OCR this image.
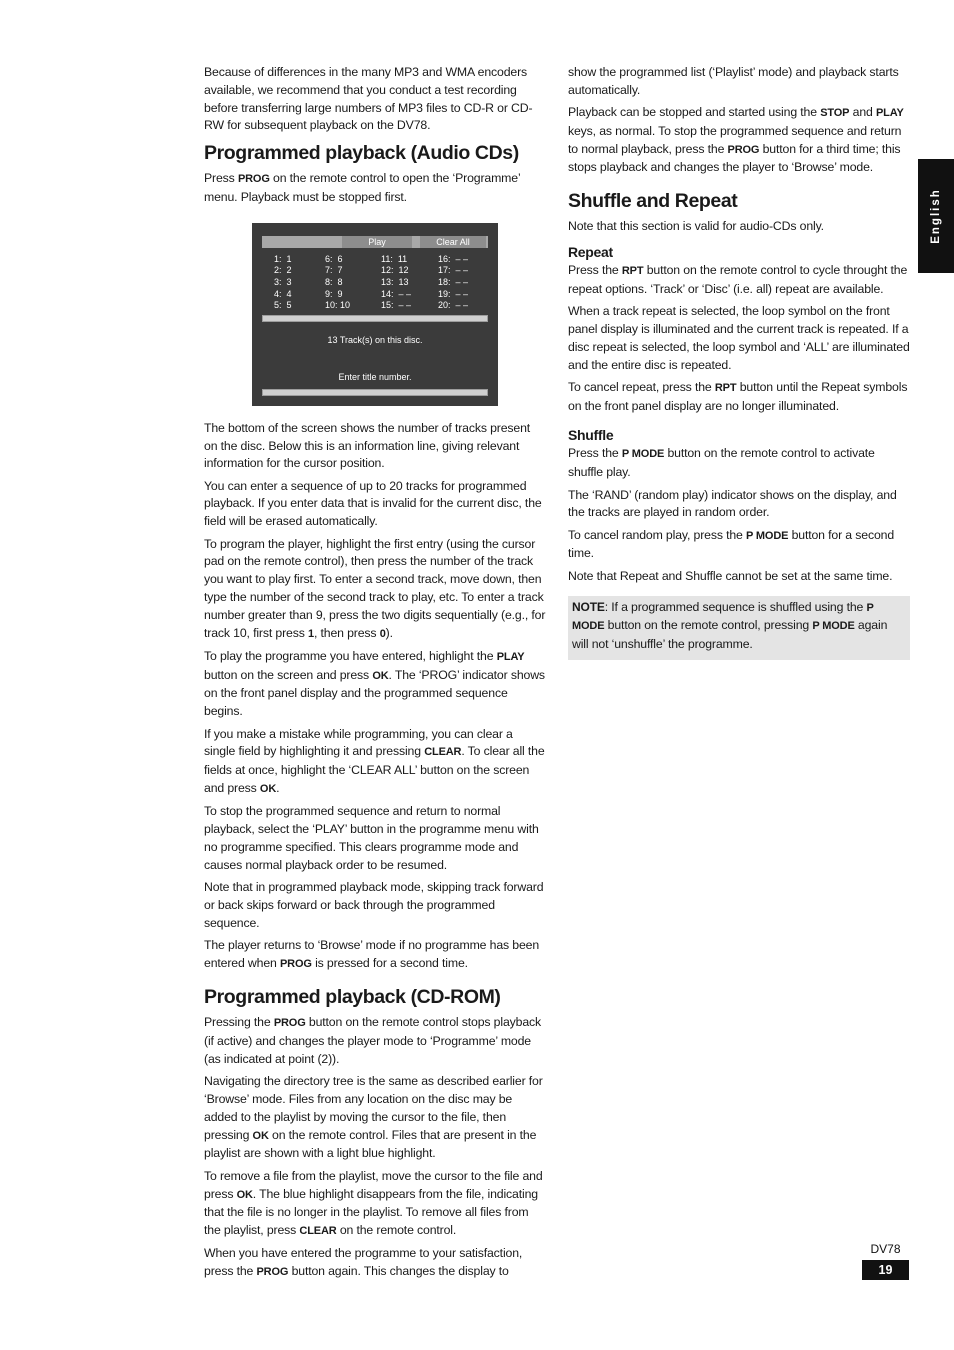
Because of differences in the many MP3 and WMA encoders available, we recommend that you conduct a test recording before transferring large numbers of MP3 files to CD-R or CD-RW for subsequent playback on the DV78.

Programmed playback (Audio CDs)

Press PROG on the remote control to open the ‘Programme’ menu. Playback must be stopped first.

Play	Clear All
1:  1
2:  2
3:  3
4:  4
5:  5
6:  6
7:  7
8:  8
9:  9
10: 10
11:  11
12:  12
13:  13
14:  – –
15:  – –
16:  – –
17:  – –
18:  – –
19:  – –
20:  – –
13 Track(s) on this disc.
Enter title number.

The bottom of the screen shows the number of tracks present on the disc. Below this is an information line, giving relevant information for the cursor position.

You can enter a sequence of up to 20 tracks for programmed playback. If you enter data that is invalid for the current disc, the field will be erased automatically.

To program the player, highlight the first entry (using the cursor pad on the remote control), then press the number of the track you want to play first. To enter a second track, move down, then type the number of the second track to play, etc. To enter a track number greater than 9, press the two digits sequentially (e.g., for track 10, first press 1, then press 0).

To play the programme you have entered, highlight the PLAY button on the screen and press OK. The ‘PROG’ indicator shows on the front panel display and the programmed sequence begins.

If you make a mistake while programming, you can clear a single field by highlighting it and pressing CLEAR. To clear all the fields at once, highlight the ‘CLEAR ALL’ button on the screen and press OK.

To stop the programmed sequence and return to normal playback, select the ‘PLAY’ button in the programme menu with no programme specified. This clears programme mode and causes normal playback order to be resumed.

Note that in programmed playback mode, skipping track forward or back skips forward or back through the programmed sequence.

The player returns to ‘Browse’ mode if no programme has been entered when PROG is pressed for a second time.

Programmed playback (CD-ROM)

Pressing the PROG button on the remote control stops playback (if active) and changes the player mode to ‘Programme’ mode (as indicated at point (2)).

Navigating the directory tree is the same as described earlier for ‘Browse’ mode. Files from any location on the disc may be added to the playlist by moving the cursor to the file, then pressing OK on the remote control. Files that are present in the playlist are shown with a light blue highlight.

To remove a file from the playlist, move the cursor to the file and press OK. The blue highlight disappears from the file, indicating that the file is no longer in the playlist. To remove all files from the playlist, press CLEAR on the remote control.

When you have entered the programme to your satisfaction, press the PROG button again. This changes the display to

show the programmed list (‘Playlist’ mode) and playback starts automatically.

Playback can be stopped and started using the STOP and PLAY keys, as normal. To stop the programmed sequence and return to normal playback, press the PROG button for a third time; this stops playback and changes the player to ‘Browse’ mode.

Shuffle and Repeat

Note that this section is valid for audio-CDs only.

Repeat

Press the RPT button on the remote control to cycle throught the repeat options. ‘Track’ or ‘Disc’ (i.e. all) repeat are available.

When a track repeat is selected, the loop symbol on the front panel display is illuminated and the current track is repeated. If a disc repeat is selected, the loop symbol and ‘ALL’ are illuminated and the entire disc is repeated.

To cancel repeat, press the RPT button until the Repeat symbols on the front panel display are no longer illuminated.

Shuffle

Press the P MODE button on the remote control to activate shuffle play.

The ‘RAND’ (random play) indicator shows on the display, and the tracks are played in random order.

To cancel random play, press the P MODE button for a second time.

Note that Repeat and Shuffle cannot be set at the same time.

NOTE: If a programmed sequence is shuffled using the P MODE button on the remote control, pressing P MODE again will not ‘unshuffle’ the programme.

English
DV78
19
